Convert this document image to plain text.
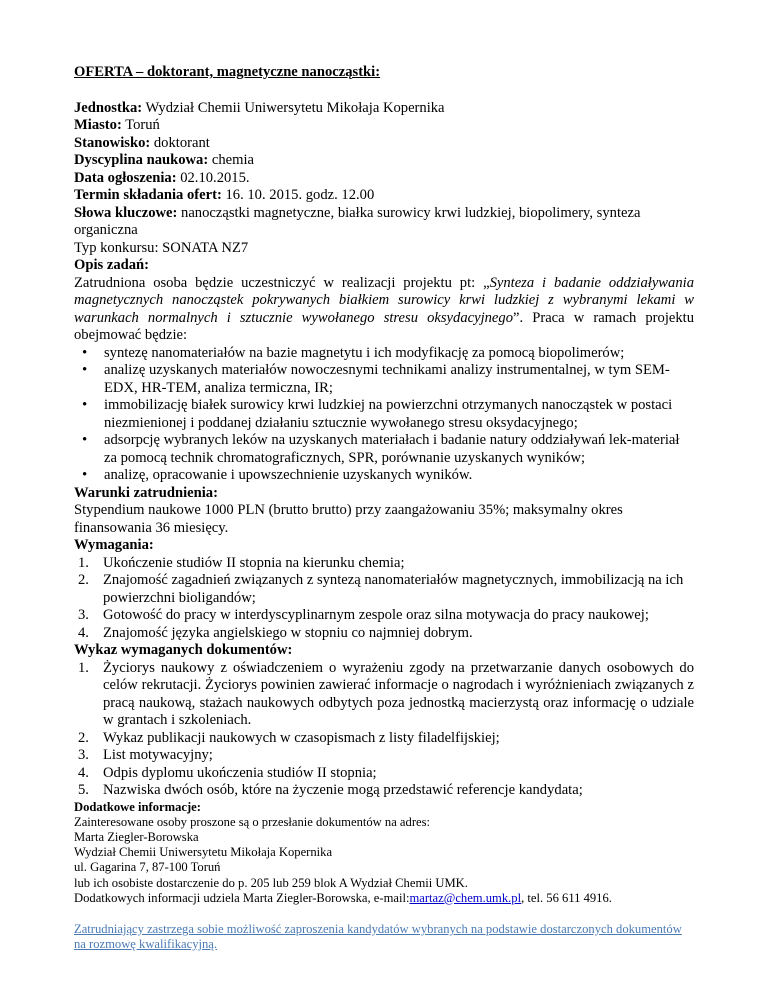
OFERTA – doktorant, magnetyczne nanocząstki:

Jednostka: Wydział Chemii Uniwersytetu Mikołaja Kopernika

Miasto: Toruń

Stanowisko: doktorant

Dyscyplina naukowa: chemia

Data ogłoszenia: 02.10.2015.

Termin składania ofert: 16. 10. 2015. godz. 12.00

Słowa kluczowe: nanocząstki magnetyczne, białka surowicy krwi ludzkiej, biopolimery, synteza organiczna

Typ konkursu: SONATA NZ7

Opis zadań:

Zatrudniona osoba będzie uczestniczyć w realizacji projektu pt: „Synteza i badanie oddziaływania magnetycznych nanocząstek pokrywanych białkiem surowicy krwi ludzkiej z wybranymi lekami w warunkach normalnych i sztucznie wywołanego stresu oksydacyjnego”. Praca w ramach projektu obejmować będzie:

• syntezę nanomateriałów na bazie magnetytu i ich modyfikację za pomocą biopolimerów;
• analizę uzyskanych materiałów nowoczesnymi technikami analizy instrumentalnej, w tym SEM-EDX, HR-TEM, analiza termiczna, IR;
• immobilizację białek surowicy krwi ludzkiej na powierzchni otrzymanych nanocząstek w postaci niezmienionej i poddanej działaniu sztucznie wywołanego stresu oksydacyjnego;
• adsorpcję wybranych leków na uzyskanych materiałach i badanie natury oddziaływań lek-materiał za pomocą technik chromatograficznych, SPR, porównanie uzyskanych wyników;
• analizę, opracowanie i upowszechnienie uzyskanych wyników.

Warunki zatrudnienia:

Stypendium naukowe 1000 PLN (brutto brutto) przy zaangażowaniu 35%; maksymalny okres finansowania 36 miesięcy.

Wymagania:

1. Ukończenie studiów II stopnia na kierunku chemia;
2. Znajomość zagadnień związanych z syntezą nanomateriałów magnetycznych, immobilizacją na ich powierzchni bioligandów;
3. Gotowość do pracy w interdyscyplinarnym zespole oraz silna motywacja do pracy naukowej;
4. Znajomość języka angielskiego w stopniu co najmniej dobrym.

Wykaz wymaganych dokumentów:

1. Życiorys naukowy z oświadczeniem o wyrażeniu zgody na przetwarzanie danych osobowych do celów rekrutacji. Życiorys powinien zawierać informacje o nagrodach i wyróżnieniach związanych z pracą naukową, stażach naukowych odbytych poza jednostką macierzystą oraz informację o udziale w grantach i szkoleniach.
2. Wykaz publikacji naukowych w czasopismach z listy filadelfijskiej;
3. List motywacyjny;
4. Odpis dyplomu ukończenia studiów II stopnia;
5. Nazwiska dwóch osób, które na życzenie mogą przedstawić referencje kandydata;

Dodatkowe informacje:

Zainteresowane osoby proszone są o przesłanie dokumentów na adres:

Marta Ziegler-Borowska

Wydział Chemii Uniwersytetu Mikołaja Kopernika

ul. Gagarina 7, 87-100 Toruń

lub ich osobiste dostarczenie do p. 205 lub 259 blok A Wydział Chemii UMK.

Dodatkowych informacji udziela Marta Ziegler-Borowska, e-mail:martaz@chem.umk.pl, tel. 56 611 4916.

Zatrudniający zastrzega sobie możliwość zaproszenia kandydatów wybranych na podstawie dostarczonych dokumentów na rozmowę kwalifikacyjną.
